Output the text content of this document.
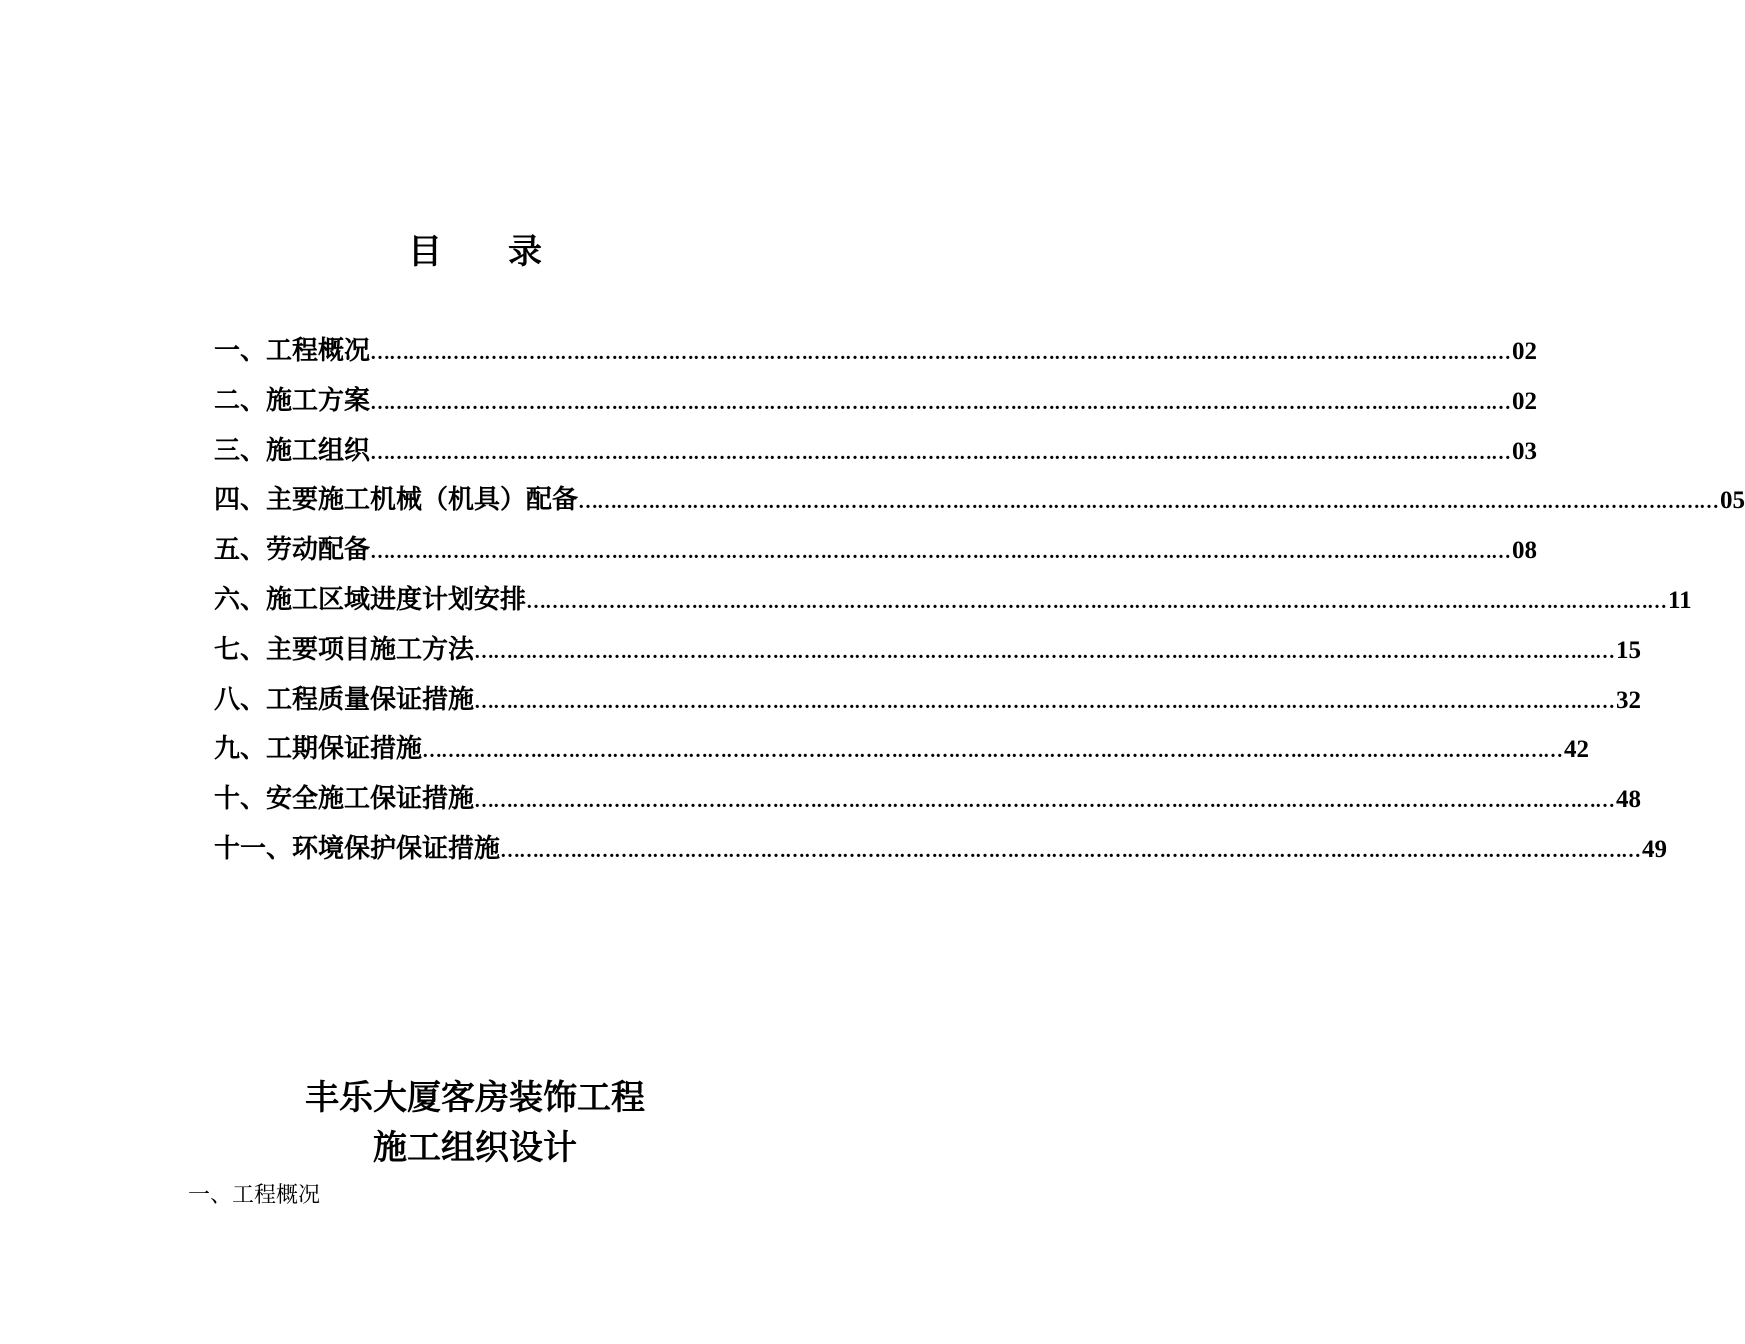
目 录
一、工程概况 ……………………………………………………………………………………………………………………………………………………………… 02
二、施工方案 ……………………………………………………………………………………………………………………………………………………………… 02
三、施工组织 ……………………………………………………………………………………………………………………………………………………………… 03
四、主要施工机械（机具）配备 ……………………………………………………………………………………………………………………………………………………………… 05
五、劳动配备 ……………………………………………………………………………………………………………………………………………………………… 08
六、施工区域进度计划安排 ……………………………………………………………………………………………………………………………………………………………… 11
七、主要项目施工方法 ……………………………………………………………………………………………………………………………………………………………… 15
八、工程质量保证措施 ……………………………………………………………………………………………………………………………………………………………… 32
九、工期保证措施 ……………………………………………………………………………………………………………………………………………………………… 42
十、安全施工保证措施 ……………………………………………………………………………………………………………………………………………………………… 48
十一、环境保护保证措施 ……………………………………………………………………………………………………………………………………………………………… 49
丰乐大厦客房装饰工程
施工组织设计
一、工程概况
